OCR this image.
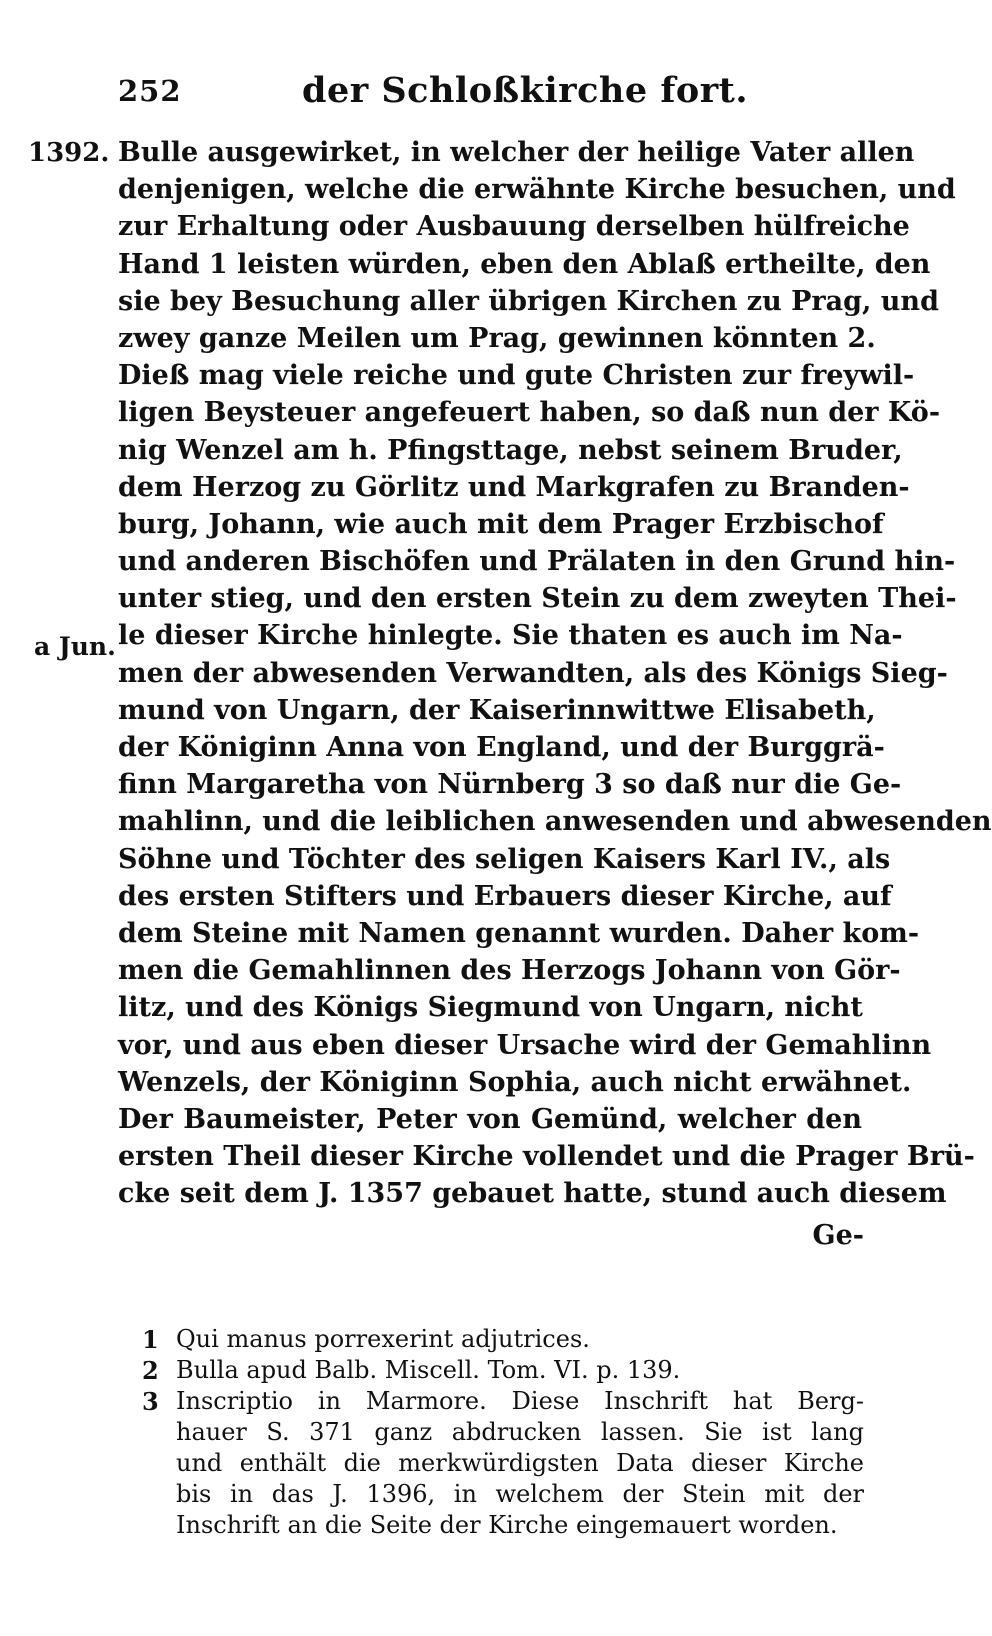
252	der Schloßkirche fort.
1392.
a Jun.
Bulle ausgewirket, in welcher der heilige Vater allen
denjenigen, welche die erwähnte Kirche besuchen, und
zur Erhaltung oder Ausbauung derselben hülfreiche
Hand 1 leisten würden, eben den Ablaß ertheilte, den
sie bey Besuchung aller übrigen Kirchen zu Prag, und
zwey ganze Meilen um Prag, gewinnen könnten 2.
Dieß mag viele reiche und gute Christen zur freywil-
ligen Beysteuer angefeuert haben, so daß nun der Kö-
nig Wenzel am h. Pfingsttage, nebst seinem Bruder,
dem Herzog zu Görlitz und Markgrafen zu Branden-
burg, Johann, wie auch mit dem Prager Erzbischof
und anderen Bischöfen und Prälaten in den Grund hin-
unter stieg, und den ersten Stein zu dem zweyten Thei-
le dieser Kirche hinlegte. Sie thaten es auch im Na-
men der abwesenden Verwandten, als des Königs Sieg-
mund von Ungarn, der Kaiserinnwittwe Elisabeth,
der Königinn Anna von England, und der Burggrä-
finn Margaretha von Nürnberg 3 so daß nur die Ge-
mahlinn, und die leiblichen anwesenden und abwesenden
Söhne und Töchter des seligen Kaisers Karl IV., als
des ersten Stifters und Erbauers dieser Kirche, auf
dem Steine mit Namen genannt wurden. Daher kom-
men die Gemahlinnen des Herzogs Johann von Gör-
litz, und des Königs Siegmund von Ungarn, nicht
vor, und aus eben dieser Ursache wird der Gemahlinn
Wenzels, der Königinn Sophia, auch nicht erwähnet.
Der Baumeister, Peter von Gemünd, welcher den
ersten Theil dieser Kirche vollendet und die Prager Brü-
cke seit dem J. 1357 gebauet hatte, stund auch diesem
Ge-
1 Qui manus porrexerint adjutrices.
2 Bulla apud Balb. Miscell. Tom. VI. p. 139.
3 Inscriptio in Marmore. Diese Inschrift hat Berg-
hauer S. 371 ganz abdrucken lassen. Sie ist lang
und enthält die merkwürdigsten Data dieser Kirche
bis in das J. 1396, in welchem der Stein mit der
Inschrift an die Seite der Kirche eingemauert worden.
